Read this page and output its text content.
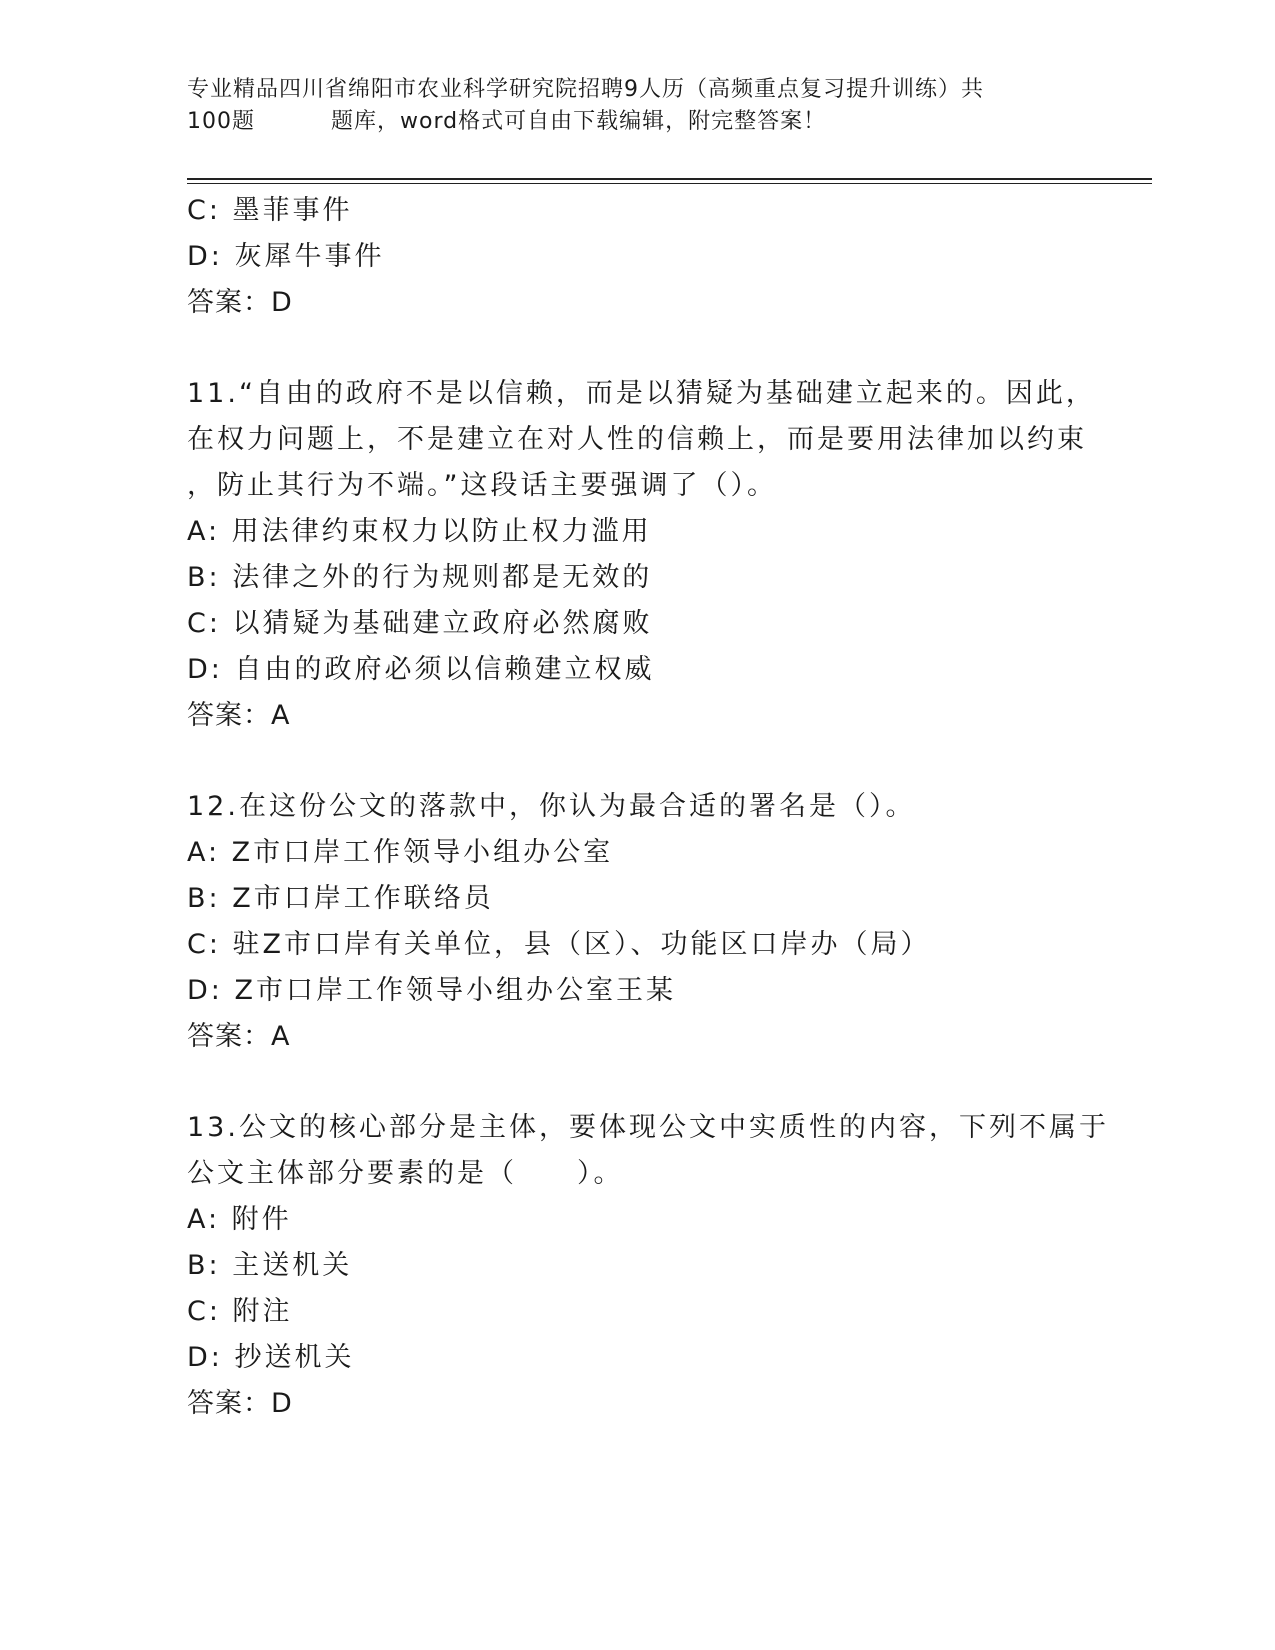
专业精品四川省绵阳市农业科学研究院招聘9人历（高频重点复习提升训练）共
100题	题库，word格式可自由下载编辑，附完整答案！
C: 墨菲事件
D: 灰犀牛事件
答案：D
11.“自由的政府不是以信赖，而是以猜疑为基础建立起来的。因此，
在权力问题上，不是建立在对人性的信赖上，而是要用法律加以约束
，防止其行为不端。”这段话主要强调了（）。
A: 用法律约束权力以防止权力滥用
B: 法律之外的行为规则都是无效的
C: 以猜疑为基础建立政府必然腐败
D: 自由的政府必须以信赖建立权威
答案：A
12.在这份公文的落款中，你认为最合适的署名是（）。
A: Z市口岸工作领导小组办公室
B: Z市口岸工作联络员
C: 驻Z市口岸有关单位，县（区）、功能区口岸办（局）
D: Z市口岸工作领导小组办公室王某
答案：A
13.公文的核心部分是主体，要体现公文中实质性的内容，下列不属于
公文主体部分要素的是（　　）。
A: 附件
B: 主送机关
C: 附注
D: 抄送机关
答案：D
